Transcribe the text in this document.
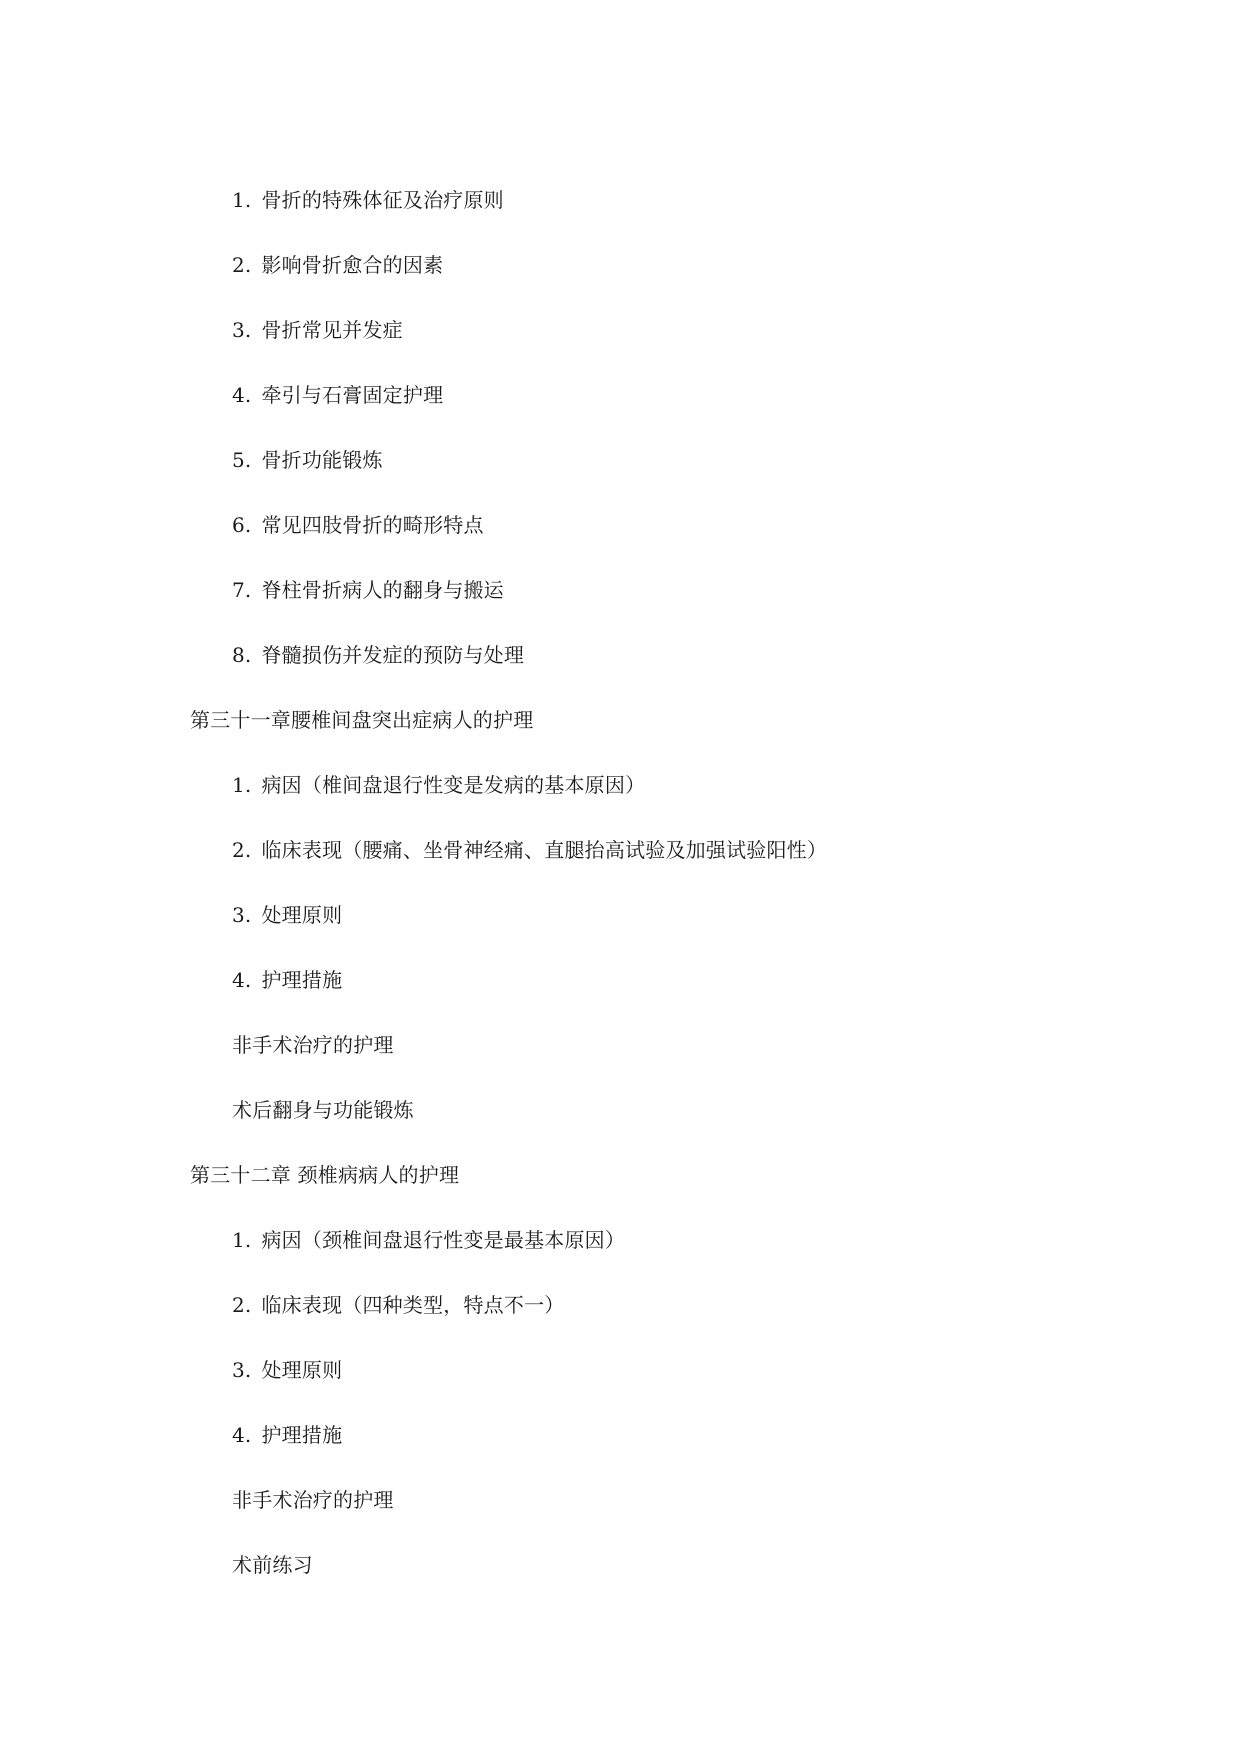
1. 骨折的特殊体征及治疗原则
2. 影响骨折愈合的因素
3. 骨折常见并发症
4. 牵引与石膏固定护理
5. 骨折功能锻炼
6. 常见四肢骨折的畸形特点
7. 脊柱骨折病人的翻身与搬运
8. 脊髓损伤并发症的预防与处理
第三十一章腰椎间盘突出症病人的护理
1. 病因（椎间盘退行性变是发病的基本原因）
2. 临床表现（腰痛、坐骨神经痛、直腿抬高试验及加强试验阳性）
3. 处理原则
4. 护理措施
非手术治疗的护理
术后翻身与功能锻炼
第三十二章 颈椎病病人的护理
1. 病因（颈椎间盘退行性变是最基本原因）
2. 临床表现（四种类型，特点不一）
3. 处理原则
4. 护理措施
非手术治疗的护理
术前练习
